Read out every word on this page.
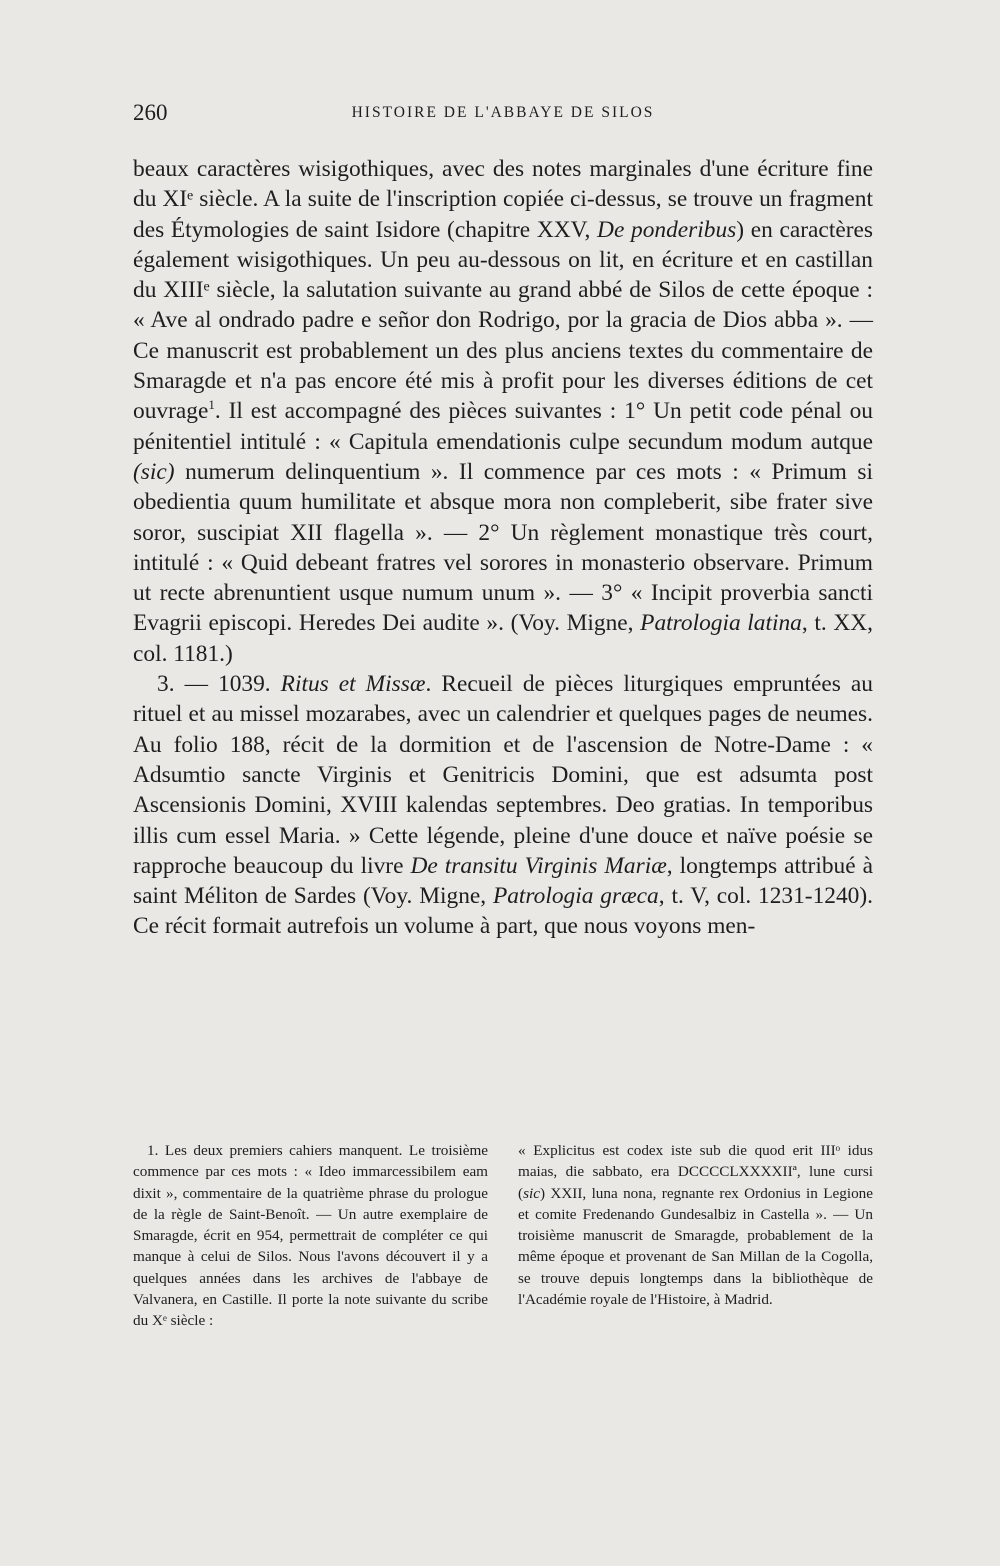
260	HISTOIRE DE L'ABBAYE DE SILOS

beaux caractères wisigothiques, avec des notes marginales d'une écriture fine du XIᵉ siècle. A la suite de l'inscription copiée ci-dessus, se trouve un fragment des Étymologies de saint Isidore (chapitre XXV, De ponderibus) en caractères également wisigothiques. Un peu au-dessous on lit, en écriture et en castillan du XIIIᵉ siècle, la salutation suivante au grand abbé de Silos de cette époque : « Ave al ondrado padre e señor don Rodrigo, por la gracia de Dios abba ». — Ce manuscrit est probablement un des plus anciens textes du commentaire de Smaragde et n'a pas encore été mis à profit pour les diverses éditions de cet ouvrage$^1$. Il est accompagné des pièces suivantes : 1° Un petit code pénal ou pénitentiel intitulé : « Capitula emendationis culpe secundum modum autque (sic) numerum delinquentium ». Il commence par ces mots : « Primum si obedientia quum humilitate et absque mora non compleberit, sibe frater sive soror, suscipiat XII flagella ». — 2° Un règlement monastique très court, intitulé : « Quid debeant fratres vel sorores in monasterio observare. Primum ut recte abrenuntient usque numum unum ». — 3° « Incipit proverbia sancti Evagrii episcopi. Heredes Dei audite ». (Voy. Migne, Patrologia latina, t. XX, col. 1181.)

3. — 1039. Ritus et Missæ. Recueil de pièces liturgiques empruntées au rituel et au missel mozarabes, avec un calendrier et quelques pages de neumes. Au folio 188, récit de la dormition et de l'ascension de Notre-Dame : « Adsumtio sancte Virginis et Genitricis Domini, que est adsumta post Ascensionis Domini, XVIII kalendas septembres. Deo gratias. In temporibus illis cum essel Maria. » Cette légende, pleine d'une douce et naïve poésie se rapproche beaucoup du livre De transitu Virginis Mariæ, longtemps attribué à saint Méliton de Sardes (Voy. Migne, Patrologia græca, t. V, col. 1231-1240). Ce récit formait autrefois un volume à part, que nous voyons men-

1. Les deux premiers cahiers manquent. Le troisième commence par ces mots : « Ideo immarcessibilem eam dixit », commentaire de la quatrième phrase du prologue de la règle de Saint-Benoît. — Un autre exemplaire de Smaragde, écrit en 954, permettrait de compléter ce qui manque à celui de Silos. Nous l'avons découvert il y a quelques années dans les archives de l'abbaye de Valvanera, en Castille. Il porte la note suivante du scribe du Xᵉ siècle :

« Explicitus est codex iste sub die quod erit IIIᵒ idus maias, die sabbato, era DCCCCLXXXXIIª, lune cursi (sic) XXII, luna nona, regnante rex Ordonius in Legione et comite Fredenando Gundesalbiz in Castella ». — Un troisième manuscrit de Smaragde, probablement de la même époque et provenant de San Millan de la Cogolla, se trouve depuis longtemps dans la bibliothèque de l'Académie royale de l'Histoire, à Madrid.
